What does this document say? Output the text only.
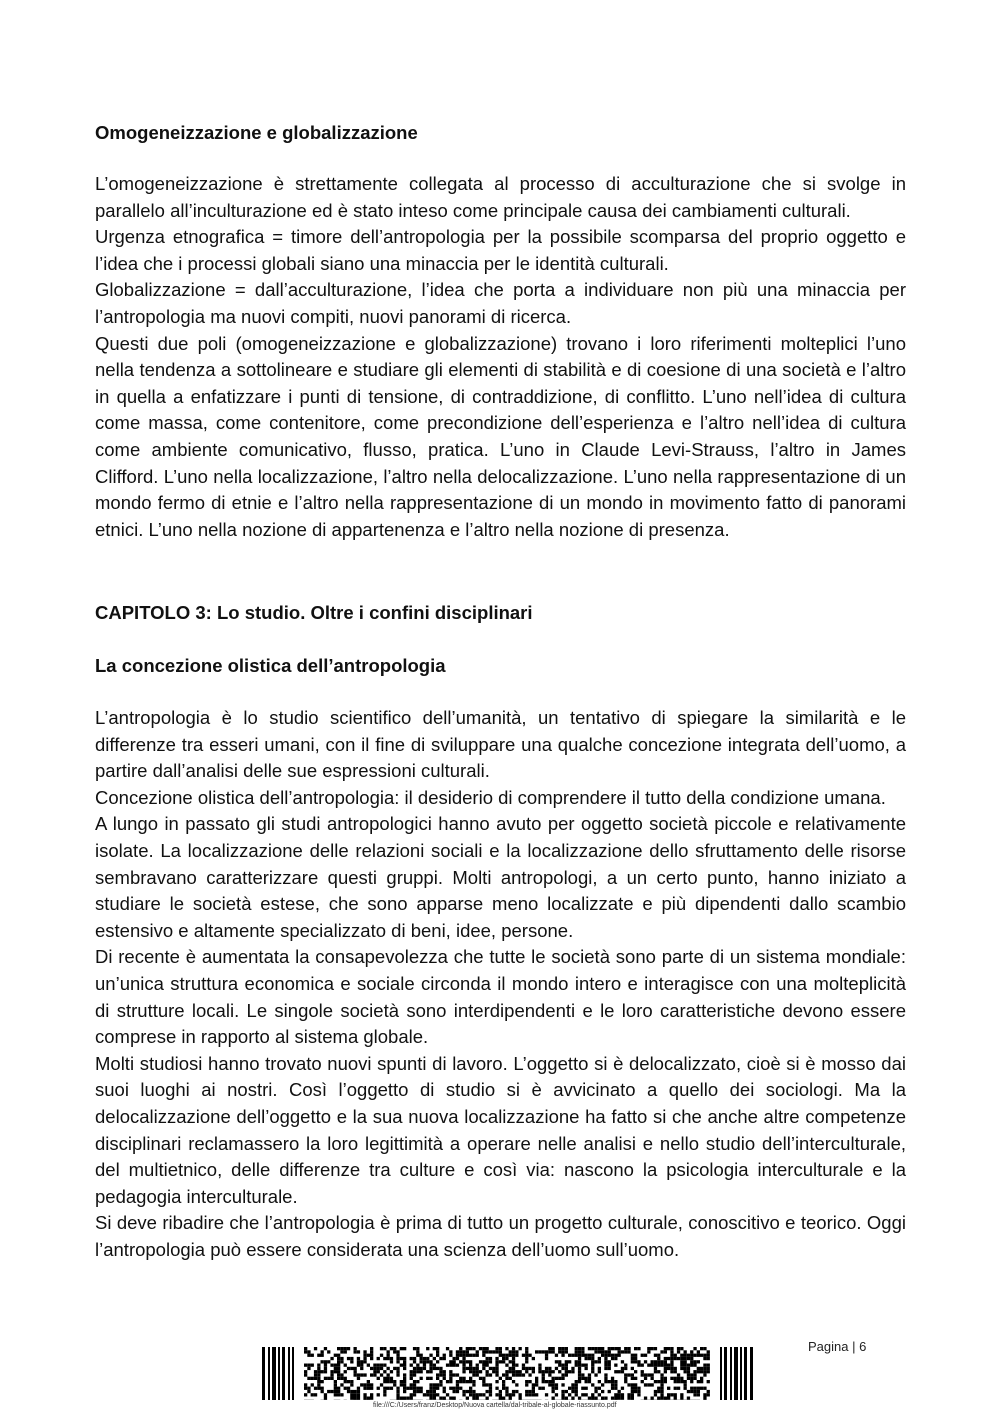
Omogeneizzazione e globalizzazione

L’omogeneizzazione è strettamente collegata al processo di acculturazione che si svolge in parallelo all’inculturazione ed è stato inteso come principale causa dei cambiamenti culturali.

Urgenza etnografica = timore dell’antropologia per la possibile scomparsa del proprio oggetto e l’idea che i processi globali siano una minaccia per le identità culturali.

Globalizzazione = dall’acculturazione, l’idea che porta a individuare non più una minaccia per l’antropologia ma nuovi compiti, nuovi panorami di ricerca.

Questi due poli (omogeneizzazione e globalizzazione) trovano i loro riferimenti molteplici l’uno nella tendenza a sottolineare e studiare gli elementi di stabilità e di coesione di una società e l’altro in quella a enfatizzare i punti di tensione, di contraddizione, di conflitto. L’uno nell’idea di cultura come massa, come contenitore, come precondizione dell’esperienza e l’altro nell’idea di cultura come ambiente comunicativo, flusso, pratica. L’uno in Claude Levi-Strauss, l’altro in James Clifford. L’uno nella localizzazione, l’altro nella delocalizzazione. L’uno nella rappresentazione di un mondo fermo di etnie e l’altro nella rappresentazione di un mondo in movimento fatto di panorami etnici. L’uno nella nozione di appartenenza e l’altro nella nozione di presenza.

CAPITOLO 3: Lo studio. Oltre i confini disciplinari
La concezione olistica dell’antropologia

L’antropologia è lo studio scientifico dell’umanità, un tentativo di spiegare la similarità e le differenze tra esseri umani, con il fine di sviluppare una qualche concezione integrata dell’uomo, a partire dall’analisi delle sue espressioni culturali.

Concezione olistica dell’antropologia: il desiderio di comprendere il tutto della condizione umana.

A lungo in passato gli studi antropologici hanno avuto per oggetto società piccole e relativamente isolate. La localizzazione delle relazioni sociali e la localizzazione dello sfruttamento delle risorse sembravano caratterizzare questi gruppi. Molti antropologi, a un certo punto, hanno iniziato a studiare le società estese, che sono apparse meno localizzate e più dipendenti dallo scambio estensivo e altamente specializzato di beni, idee, persone.

Di recente è aumentata la consapevolezza che tutte le società sono parte di un sistema mondiale: un’unica struttura economica e sociale circonda il mondo intero e interagisce con una molteplicità di strutture locali. Le singole società sono interdipendenti e le loro caratteristiche devono essere comprese in rapporto al sistema globale.

Molti studiosi hanno trovato nuovi spunti di lavoro. L’oggetto si è delocalizzato, cioè si è mosso dai suoi luoghi ai nostri. Così l’oggetto di studio si è avvicinato a quello dei sociologi. Ma la delocalizzazione dell’oggetto e la sua nuova localizzazione ha fatto si che anche altre competenze disciplinari reclamassero la loro legittimità a operare nelle analisi e nello studio dell’interculturale, del multietnico, delle differenze tra culture e così via: nascono la psicologia interculturale e la pedagogia interculturale.

Si deve ribadire che l’antropologia è prima di tutto un progetto culturale, conoscitivo e teorico. Oggi l’antropologia può essere considerata una scienza dell’uomo sull’uomo.

Pagina | 6
file:///C:/Users/franz/Desktop/Nuova cartella/dal-tribale-al-globale-riassunto.pdf
